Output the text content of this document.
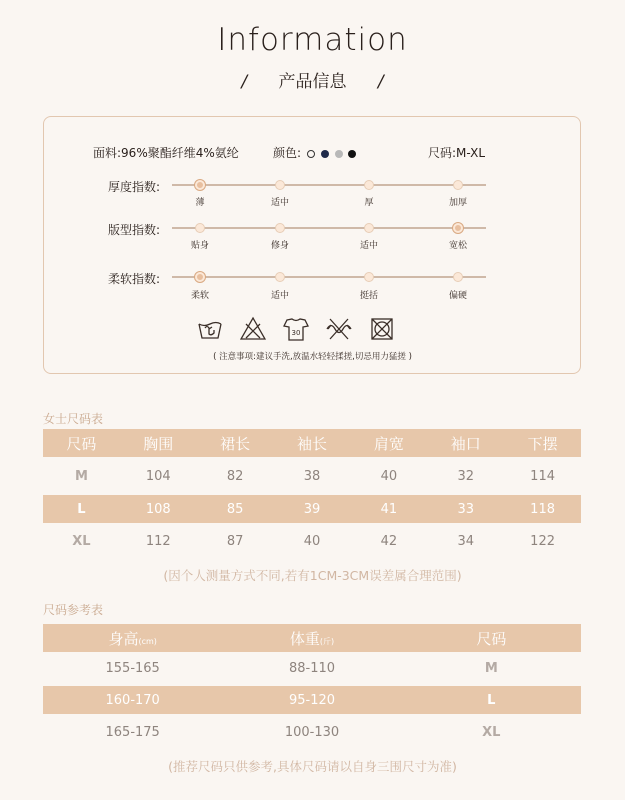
Information
/ 产品信息 /
面料:96%聚酯纤维4%氨纶	颜色:	尺码:M-XL
厚度指数:
薄	适中	厚	加厚
版型指数:
贴身	修身	适中	宽松
柔软指数:
柔软	适中	挺括	偏硬
30
( 注意事项:建议手洗,放温水轻轻揉搓,切忌用力猛搓 )
女士尺码表
尺码	胸围	裙长	袖长	肩宽	袖口	下摆
M	104	82	38	40	32	114
L	108	85	39	41	33	118
XL	112	87	40	42	34	122
(因个人测量方式不同,若有1CM-3CM误差属合理范围)
尺码参考表
身高(cm)	体重(斤)	尺码
155-165	88-110	M
160-170	95-120	L
165-175	100-130	XL
(推荐尺码只供参考,具体尺码请以自身三围尺寸为准)
